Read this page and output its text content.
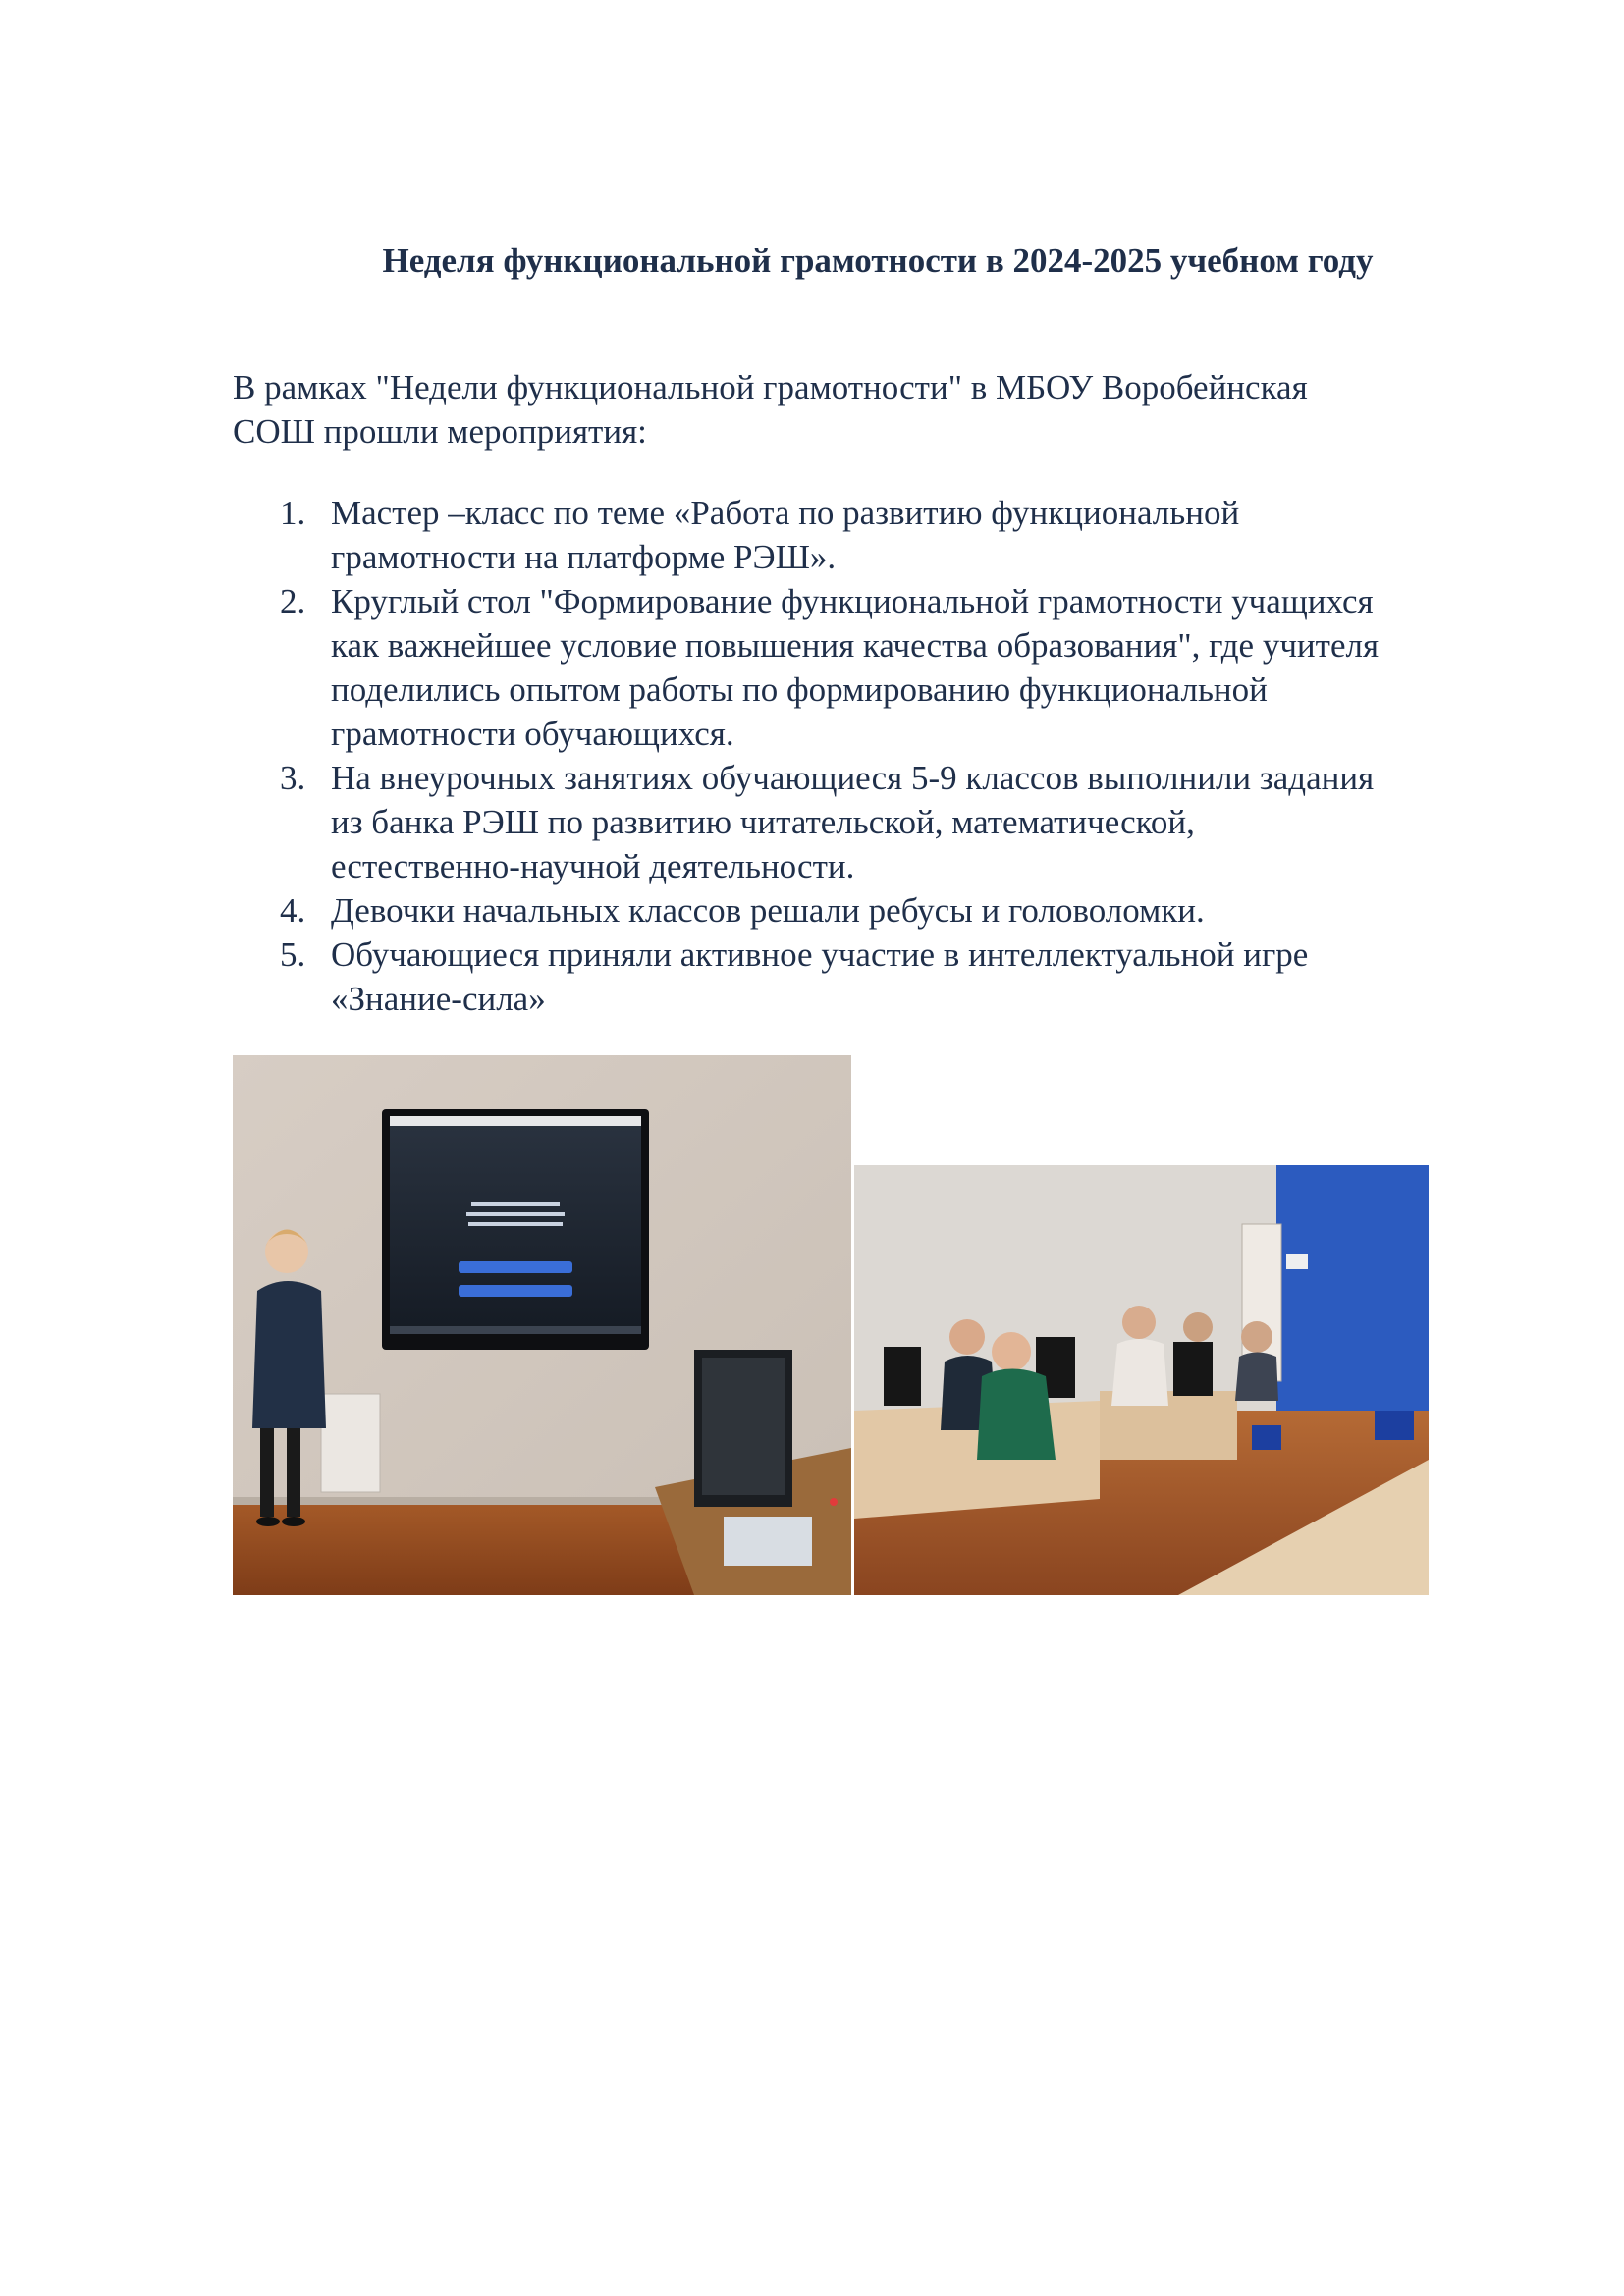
Неделя функциональной грамотности в 2024-2025 учебном году

В рамках "Недели функциональной грамотности" в МБОУ Воробейнская
СОШ прошли мероприятия:

1. Мастер –класс по теме «Работа по развитию функциональной
грамотности на платформе РЭШ».
2. Круглый стол "Формирование функциональной грамотности учащихся
как важнейшее условие повышения качества образования", где учителя
поделились опытом работы по формированию функциональной
грамотности обучающихся.
3. На внеурочных занятиях обучающиеся 5-9 классов выполнили задания
из банка РЭШ по развитию читательской, математической,
естественно-научной деятельности.
4. Девочки начальных классов решали ребусы и головоломки.
5. Обучающиеся приняли активное участие в интеллектуальной игре
«Знание-сила»
